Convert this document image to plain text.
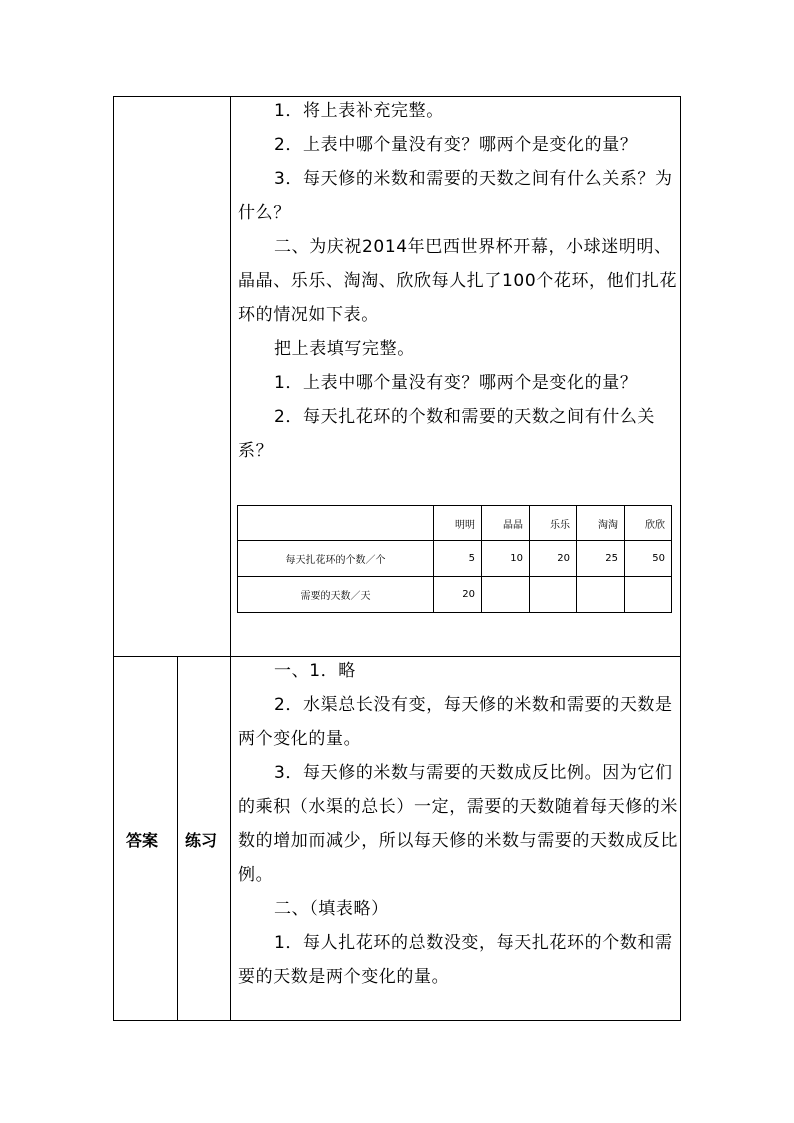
1．将上表补充完整。

2．上表中哪个量没有变？哪两个是变化的量？

3．每天修的米数和需要的天数之间有什么关系？为什么？

二、为庆祝2014年巴西世界杯开幕，小球迷明明、晶晶、乐乐、淘淘、欣欣每人扎了100个花环，他们扎花环的情况如下表。

把上表填写完整。

1．上表中哪个量没有变？哪两个是变化的量？

2．每天扎花环的个数和需要的天数之间有什么关系？

	明明	晶晶	乐乐	淘淘	欣欣
每天扎花环的个数／个	5	10	20	25	50
需要的天数／天	20				
答案 练习

一、1．略

2．水渠总长没有变，每天修的米数和需要的天数是两个变化的量。

3．每天修的米数与需要的天数成反比例。因为它们的乘积（水渠的总长）一定，需要的天数随着每天修的米数的增加而减少，所以每天修的米数与需要的天数成反比例。

二、（填表略）

1．每人扎花环的总数没变，每天扎花环的个数和需要的天数是两个变化的量。
